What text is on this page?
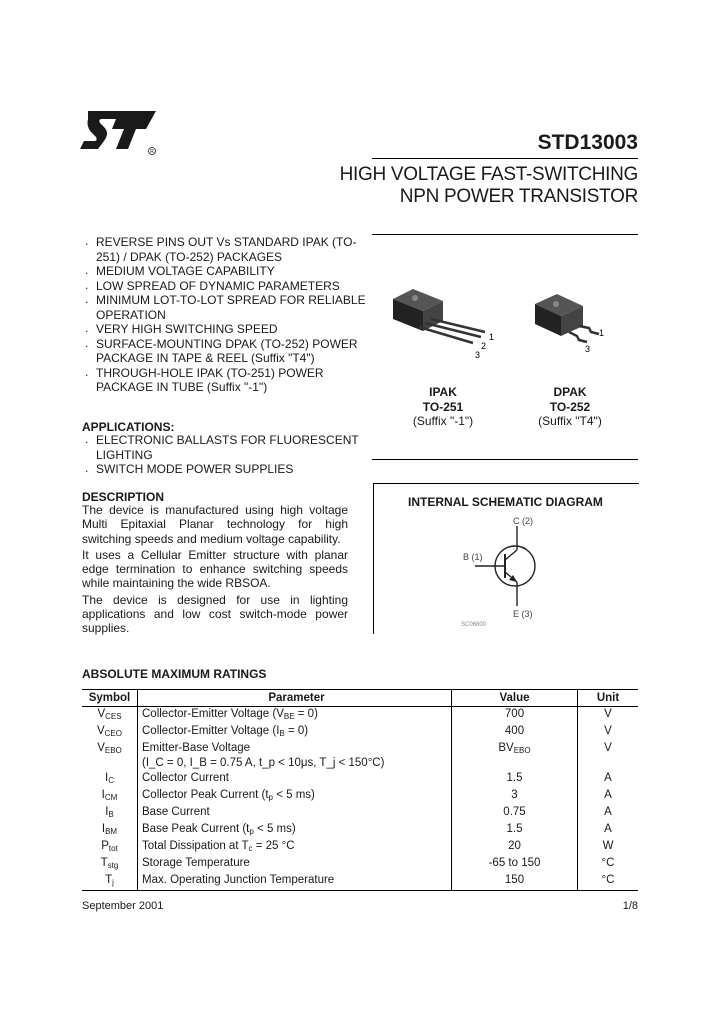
R	STD13003
HIGH VOLTAGE FAST-SWITCHING
NPN POWER TRANSISTOR
. REVERSE PINS OUT Vs STANDARD IPAK (TO-251) / DPAK (TO-252) PACKAGES
. MEDIUM VOLTAGE CAPABILITY
. LOW SPREAD OF DYNAMIC PARAMETERS
. MINIMUM LOT-TO-LOT SPREAD FOR RELIABLE OPERATION
. VERY HIGH SWITCHING SPEED
. SURFACE-MOUNTING DPAK (TO-252) POWER PACKAGE IN TAPE & REEL (Suffix "T4")
. THROUGH-HOLE IPAK (TO-251) POWER PACKAGE IN TUBE (Suffix "-1")
APPLICATIONS:
. ELECTRONIC BALLASTS FOR FLUORESCENT LIGHTING
. SWITCH MODE POWER SUPPLIES
DESCRIPTION

The device is manufactured using high voltage Multi Epitaxial Planar technology for high switching speeds and medium voltage capability.

It uses a Cellular Emitter structure with planar edge termination to enhance switching speeds while maintaining the wide RBSOA.

The device is designed for use in lighting applications and low cost switch-mode power supplies.

1
2
3
1
3
IPAK
TO-251
(Suffix "-1")
DPAK
TO-252
(Suffix "T4")
INTERNAL SCHEMATIC DIAGRAM
C (2)
B (1)
E (3)
SC06800
ABSOLUTE MAXIMUM RATINGS
Symbol	Parameter	Value	Unit
$V_{CES}$	Collector-Emitter Voltage $(V_{BE} = 0)$	700	V
$V_{CEO}$	Collector-Emitter Voltage $(I_B = 0)$	400	V
$V_{EBO}$	Emitter-Base Voltage
(I_C = 0, I_B = 0.75 A, t_p < 10μs, T_j < 150°C)	$BV_{EBO}$	V
$I_C$	Collector Current	1.5	A
$I_{CM}$	Collector Peak Current ($t_p < 5$ ms)	3	A
$I_B$	Base Current	0.75	A
$I_{BM}$	Base Peak Current ($t_p < 5$ ms)	1.5	A
$P_{tot}$	Total Dissipation at $T_c = 25$ °C	20	W
$T_{stg}$	Storage Temperature	-65 to 150	°C
$T_j$	Max. Operating Junction Temperature	150	°C
September 2001	1/8
